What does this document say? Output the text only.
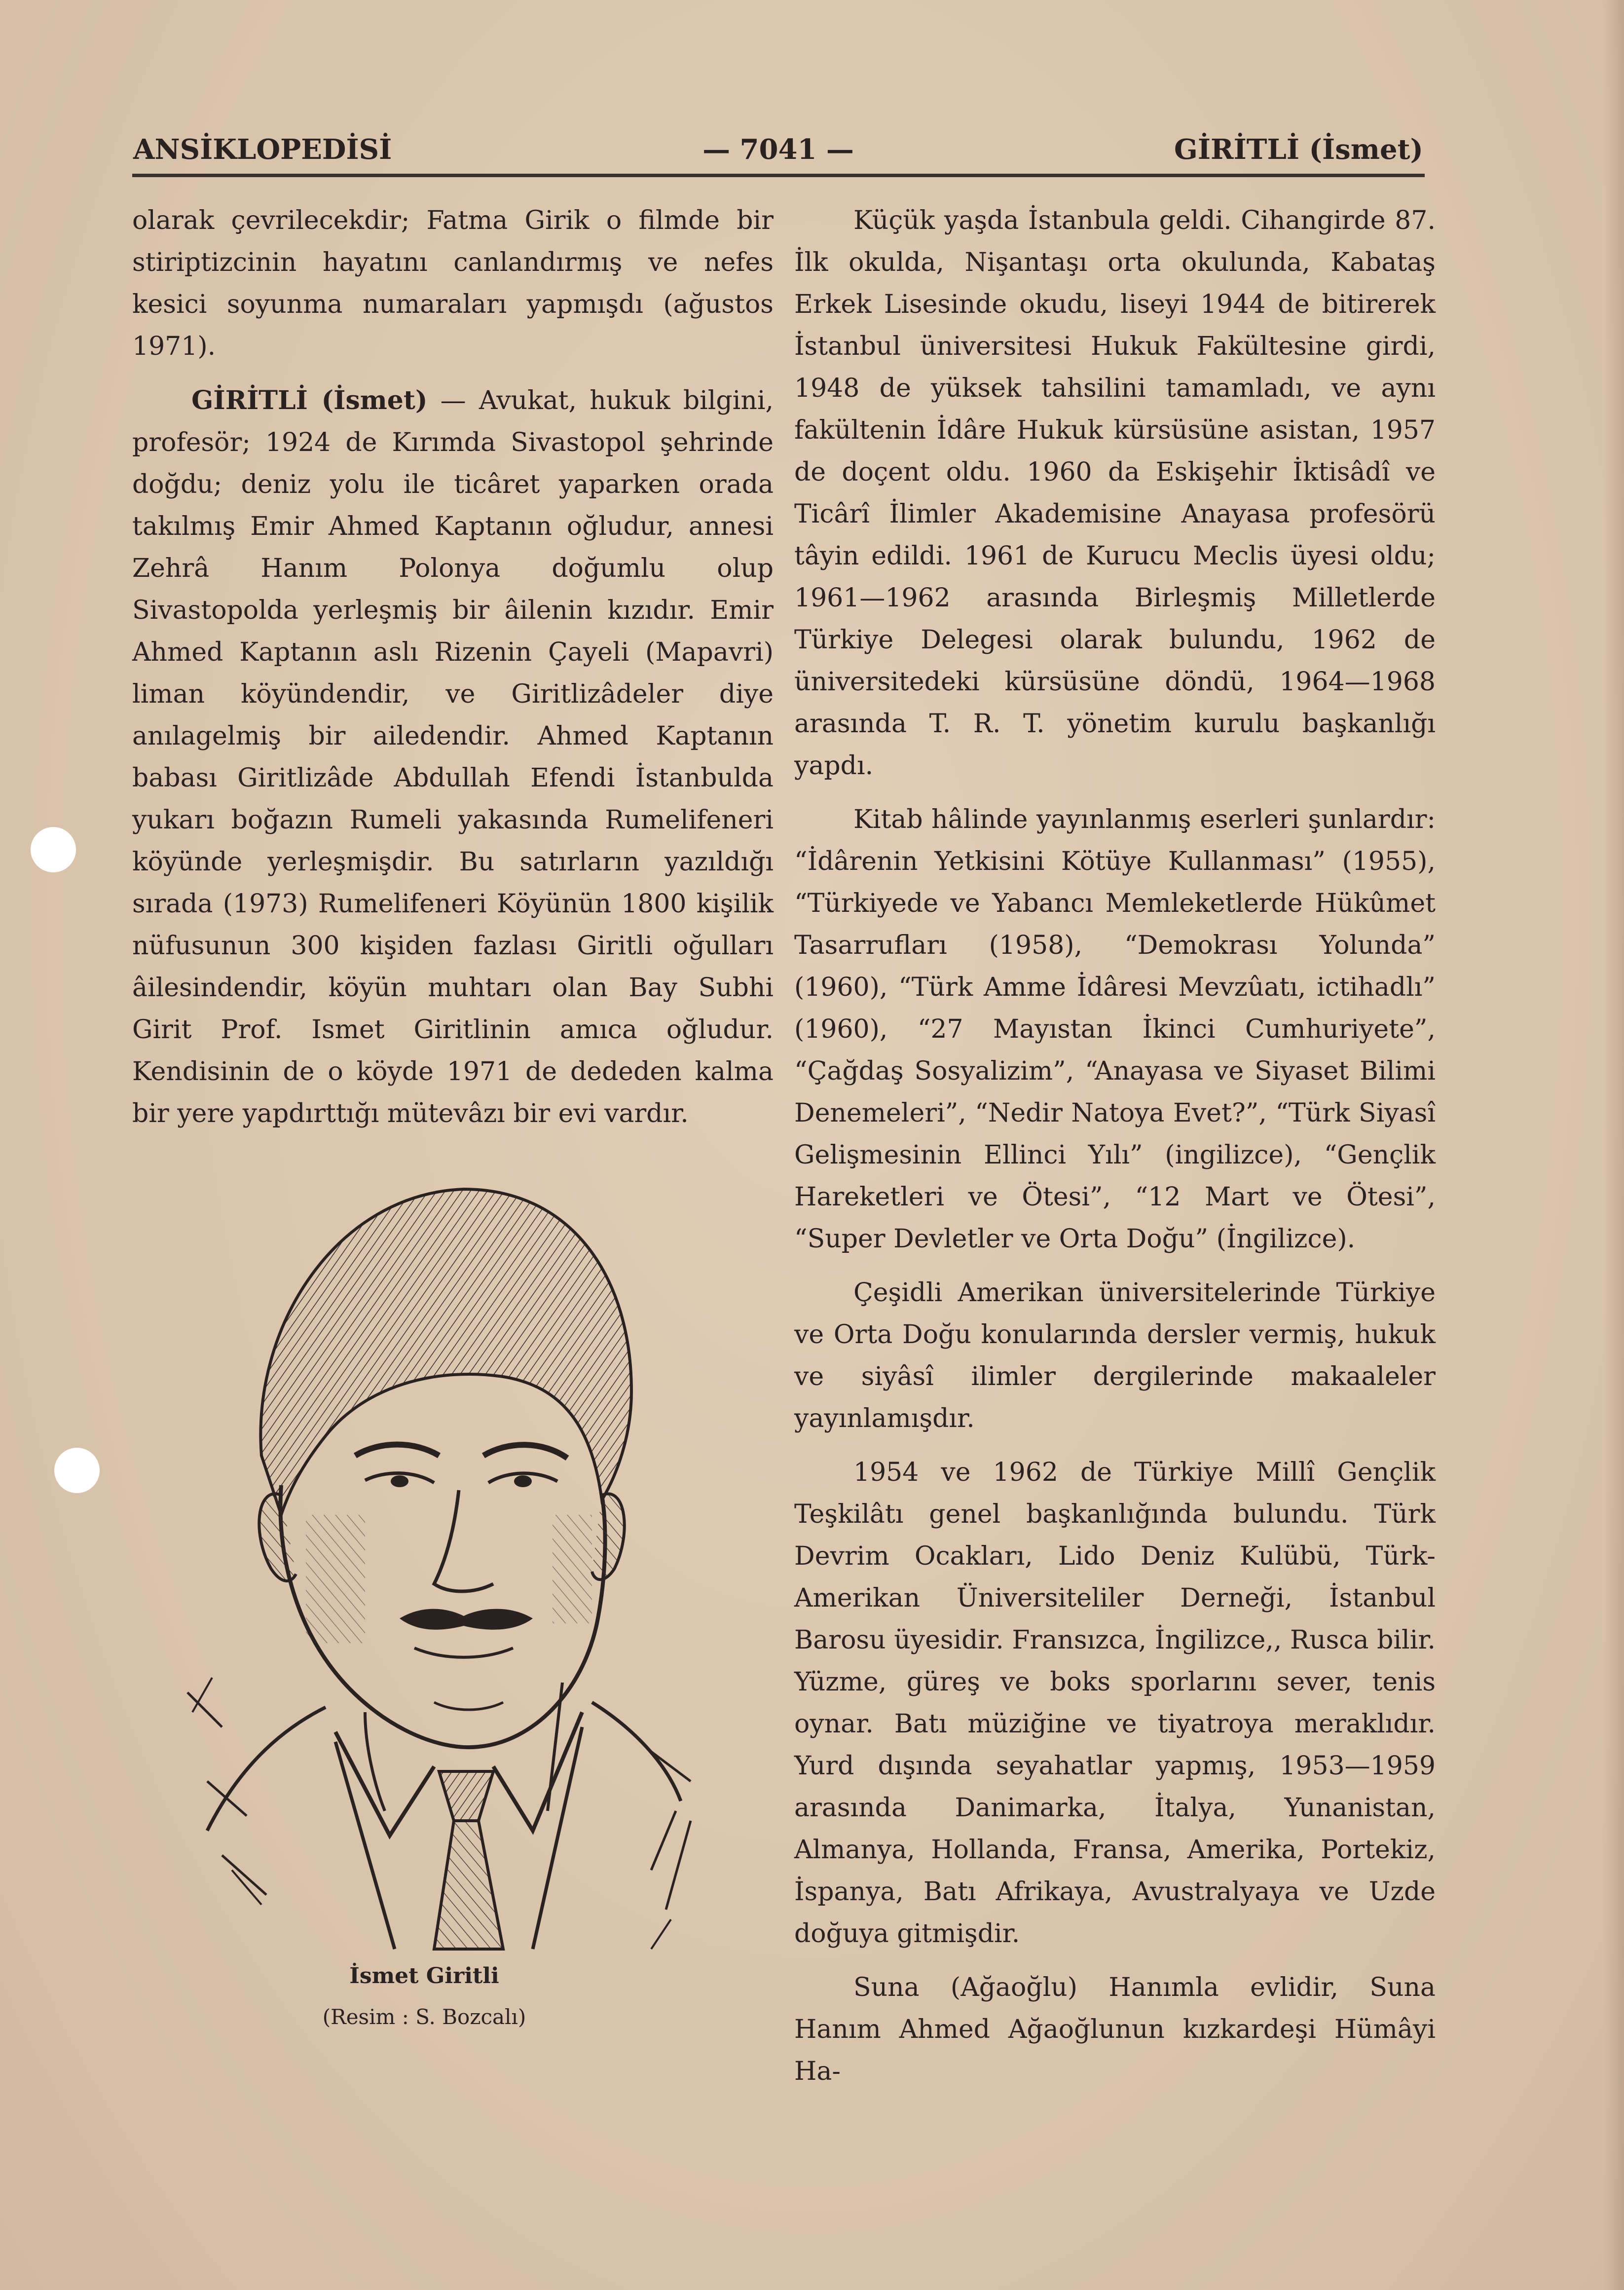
ANSİKLOPEDİSİ	— 7041 —	GİRİTLİ (İsmet)

olarak çevrilecekdir; Fatma Girik o filmde bir stiriptizcinin hayatını canlandırmış ve nefes kesici soyunma numaraları yapmışdı (ağustos 1971).

GİRİTLİ (İsmet) — Avukat, hukuk bilgini, profesör; 1924 de Kırımda Sivastopol şehrinde doğdu; deniz yolu ile ticâret yaparken orada takılmış Emir Ahmed Kaptanın oğludur, annesi Zehrâ Hanım Polonya doğumlu olup Sivastopolda yerleşmiş bir âilenin kızıdır. Emir Ahmed Kaptanın aslı Rizenin Çayeli (Mapavri) liman köyündendir, ve Giritlizâdeler diye anılagelmiş bir ailedendir. Ahmed Kaptanın babası Giritlizâde Abdullah Efendi İstanbulda yukarı boğazın Rumeli yakasında Rumelifeneri köyünde yerleşmişdir. Bu satırların yazıldığı sırada (1973) Rumelifeneri Köyünün 1800 kişilik nüfusunun 300 kişiden fazlası Giritli oğulları âilesindendir, köyün muhtarı olan Bay Subhi Girit Prof. Ismet Giritlinin amıca oğludur. Kendisinin de o köyde 1971 de dededen kalma bir yere yapdırttığı mütevâzı bir evi vardır.

İsmet Giritli
(Resim : S. Bozcalı)

Küçük yaşda İstanbula geldi. Cihangirde 87. İlk okulda, Nişantaşı orta okulunda, Kabataş Erkek Lisesinde okudu, liseyi 1944 de bitirerek İstanbul üniversitesi Hukuk Fakültesine girdi, 1948 de yüksek tahsilini tamamladı, ve aynı fakültenin İdâre Hukuk kürsüsüne asistan, 1957 de doçent oldu. 1960 da Eskişehir İktisâdî ve Ticârî İlimler Akademisine Anayasa profesörü tâyin edildi. 1961 de Kurucu Meclis üyesi oldu; 1961—1962 arasında Birleşmiş Milletlerde Türkiye Delegesi olarak bulundu, 1962 de üniversitedeki kürsüsüne döndü, 1964—1968 arasında T. R. T. yönetim kurulu başkanlığı yapdı.

Kitab hâlinde yayınlanmış eserleri şunlardır: “İdârenin Yetkisini Kötüye Kullanması” (1955), “Türkiyede ve Yabancı Memleketlerde Hükûmet Tasarrufları (1958), “Demokrası Yolunda” (1960), “Türk Amme İdâresi Mevzûatı, ictihadlı” (1960), “27 Mayıstan İkinci Cumhuriyete”, “Çağdaş Sosyalizim”, “Anayasa ve Siyaset Bilimi Denemeleri”, “Nedir Natoya Evet?”, “Türk Siyasî Gelişmesinin Ellinci Yılı” (ingilizce), “Gençlik Hareketleri ve Ötesi”, “12 Mart ve Ötesi”, “Super Devletler ve Orta Doğu” (İngilizce).

Çeşidli Amerikan üniversitelerinde Türkiye ve Orta Doğu konularında dersler vermiş, hukuk ve siyâsî ilimler dergilerinde makaaleler yayınlamışdır.

1954 ve 1962 de Türkiye Millî Gençlik Teşkilâtı genel başkanlığında bulundu. Türk Devrim Ocakları, Lido Deniz Kulübü, Türk-Amerikan Üniversiteliler Derneği, İstanbul Barosu üyesidir. Fransızca, İngilizce,, Rusca bilir. Yüzme, güreş ve boks sporlarını sever, tenis oynar. Batı müziğine ve tiyatroya meraklıdır. Yurd dışında seyahatlar yapmış, 1953—1959 arasında Danimarka, İtalya, Yunanistan, Almanya, Hollanda, Fransa, Amerika, Portekiz, İspanya, Batı Afrikaya, Avustralyaya ve Uzde doğuya gitmişdir.

Suna (Ağaoğlu) Hanımla evlidir, Suna Hanım Ahmed Ağaoğlunun kızkardeşi Hümâyi Ha-
